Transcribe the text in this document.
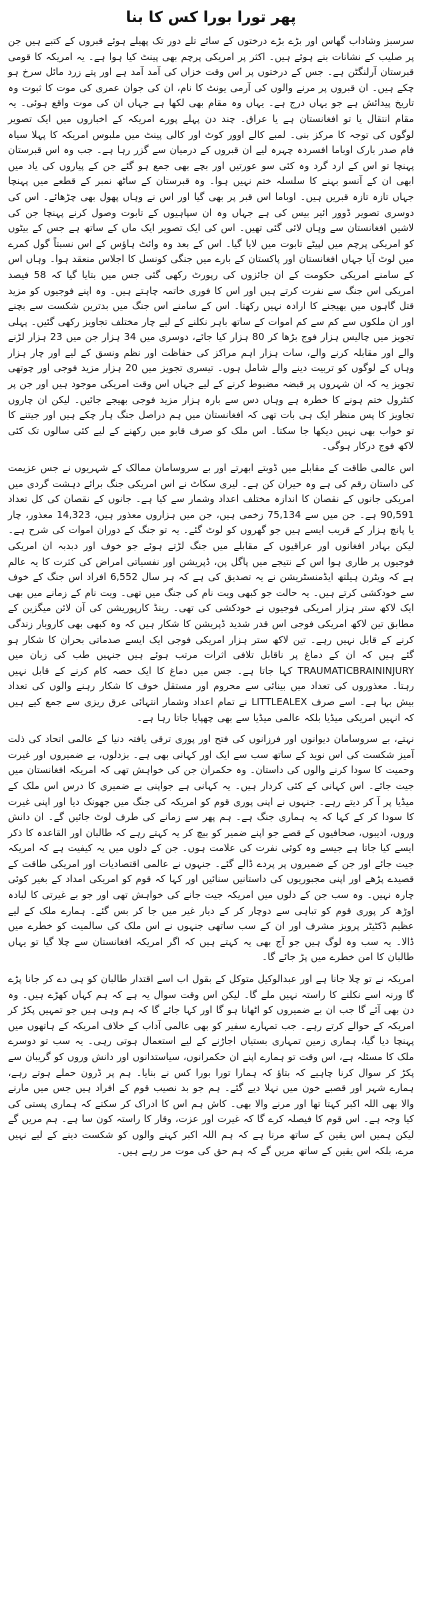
پھر تورا بورا کس کا بنا

سرسبز وشاداب گھاس اور بڑے بڑے درختوں کے سائے تلے دور تک پھیلے ہوئے قبروں کے کتبے ہیں جن پر صلیب کے نشانات بنے ہوئے ہیں۔ اکثر پر امریکی پرچم بھی پینٹ کیا ہوا ہے۔ یہ امریکہ کا قومی قبرستان آرلنگٹن ہے۔ جس کے درختوں پر اس وقت خزاں کی آمد آمد ہے اور پتے زرد مائل سرخ ہو چکے ہیں۔ ان قبروں پر مرنے والوں کی آرمی یونٹ کا نام، ان کی جوان عمری کی موت کا ثبوت وہ تاریخ پیدائش ہے جو یہاں درج ہے۔ یہاں وہ مقام بھی لکھا ہے جہاں ان کی موت واقع ہوئی۔ یہ مقام انتقال یا تو افغانستان ہے یا عراق۔ چند دن پہلے پورے امریکہ کے اخباروں میں ایک تصویر لوگوں کی توجہ کا مرکز بنی۔ لمبے کالے اوور کوٹ اور کالی پینٹ میں ملبوس امریکہ کا پہلا سیاہ فام صدر بارک اوباما افسردہ چہرہ لیے ان قبروں کے درمیان سے گزر رہا ہے۔ جب وہ اس قبرستان پہنچا تو اس کے ارد گرد وہ کئی سو عورتیں اور بچے بھی جمع ہو گئے جن کے پیاروں کی یاد میں ابھی ان کے آنسو بہنے کا سلسلہ ختم نہیں ہوا۔ وہ قبرستان کے ساٹھ نمبر کے قطعے میں پہنچا جہاں تازہ تازہ قبریں ہیں۔ اوباما اس قبر پر بھی گیا اور اس نے وہاں پھول بھی چڑھائے۔ اس کی دوسری تصویر ڈوور ائیر بیس کی ہے جہاں وہ ان سپاہیوں کے تابوت وصول کرنے پہنچا جن کی لاشیں افغانستان سے وہاں لائی گئی تھیں۔ اس کی ایک تصویر ایک ماں کے ساتھ ہے جس کے بیٹوں کو امریکی پرچم میں لپیٹے تابوت میں لایا گیا۔ اس کے بعد وہ وائٹ ہاؤس کے اس نسبتاً گول کمرے میں لوٹ آیا جہاں افغانستان اور پاکستان کے بارے میں جنگی کونسل کا اجلاس منعقد ہوا۔ وہاں اس کے سامنے امریکی حکومت کے ان جائزوں کی رپورٹ رکھی گئی جس میں بتایا گیا کہ 58 فیصد امریکی اس جنگ سے نفرت کرتے ہیں اور اس کا فوری خاتمہ چاہتے ہیں۔ وہ اپنے فوجیوں کو مزید قتل گاہوں میں بھیجنے کا ارادہ نہیں رکھتا۔ اس کے سامنے اس جنگ میں بدترین شکست سے بچنے اور ان ملکوں سے کم سے کم اموات کے ساتھ باہر نکلنے کے لیے چار مختلف تجاویز رکھی گئیں۔ پہلی تجویز میں چالیس ہزار فوج بڑھا کر 80 ہزار کیا جائے، دوسری میں 34 ہزار جن میں 23 ہزار لڑنے والے اور مقابلہ کرنے والے، سات ہزار اہم مراکز کی حفاظت اور نظم ونسق کے لیے اور چار ہزار وہاں کے لوگوں کو تربیت دینے والے شامل ہوں۔ تیسری تجویز میں 20 ہزار مزید فوجی اور چوتھی تجویز یہ کہ ان شہروں پر قبضہ مضبوط کرنے کے لیے جہاں اس وقت امریکی موجود ہیں اور جن پر کنٹرول ختم ہونے کا خطرہ ہے وہاں دس سے بارہ ہزار مزید فوجی بھیجے جائیں۔ لیکن ان چاروں تجاویز کا پس منظر ایک ہی بات تھی کہ افغانستان میں ہم دراصل جنگ ہار چکے ہیں اور جیتنے کا تو خواب بھی نہیں دیکھا جا سکتا۔ اس ملک کو صرف قابو میں رکھنے کے لیے کئی سالوں تک کئی لاکھ فوج درکار ہوگی۔

اس عالمی طاقت کے مقابلے میں ڈوبتے ابھرتے اور بے سروسامان ممالک کے شہریوں نے جس عزیمت کی داستان رقم کی ہے وہ حیران کن ہے۔ لیری سکاٹ نے اس امریکی جنگ برائے دہشت گردی میں امریکی جانوں کے نقصان کا اندازہ مختلف اعداد وشمار سے کیا ہے۔ جانوں کے نقصان کی کل تعداد 90,591 ہے۔ جن میں سے 75,134 زخمی ہیں، جن میں ہزاروں معذور ہیں، 14,323 معذور، چار یا پانچ ہزار کے قریب ایسے ہیں جو گھروں کو لوٹ گئے۔ یہ تو جنگ کے دوران اموات کی شرح ہے۔ لیکن بہادر افغانوں اور عراقیوں کے مقابلے میں جنگ لڑتے ہوئے جو خوف اور دبدبہ ان امریکی فوجیوں پر طاری ہوا اس کے نتیجے میں پاگل پن، ڈپریشن اور نفسیاتی امراض کی کثرت کا یہ عالم ہے کہ ویٹرن ہیلتھ ایڈمنسٹریشن نے یہ تصدیق کی ہے کہ ہر سال 6,552 افراد اس جنگ کے خوف سے خودکشی کرتے ہیں۔ یہ حالت جو کبھی ویت نام کی جنگ میں تھی۔ ویت نام کے زمانے میں بھی ایک لاکھ ستر ہزار امریکی فوجیوں نے خودکشی کی تھی۔ رینڈ کارپوریشن کی آن لائن میگزین کے مطابق تین لاکھ امریکی فوجی اس قدر شدید ڈپریشن کا شکار ہیں کہ وہ کبھی بھی کاروبار زندگی کرنے کے قابل نہیں رہے۔ تین لاکھ ستر ہزار امریکی فوجی ایک ایسے صدماتی بحران کا شکار ہو گئے ہیں کہ ان کے دماغ پر ناقابل تلافی اثرات مرتب ہوئے ہیں جنہیں طب کی زبان میں TRAUMATICBRAININJURY کہا جاتا ہے۔ جس میں دماغ کا ایک حصہ کام کرنے کے قابل نہیں رہتا۔ معذوروں کی تعداد میں بینائی سے محروم اور مستقل خوف کا شکار رہنے والوں کی تعداد بیش بہا ہے۔ اسے صرف LITTLEALEX نے تمام اعداد وشمار انتہائی عرق ریزی سے جمع کیے ہیں کہ انہیں امریکی میڈیا بلکہ عالمی میڈیا سے بھی چھپایا جاتا رہا ہے۔

نہتے، بے سروسامان دیوانوں اور فرزانوں کی فتح اور پوری ترقی یافتہ دنیا کے عالمی اتحاد کی ذلت آمیز شکست کی اس نوید کے ساتھ سب سے ایک اور کہانی بھی ہے۔ بزدلوں، بے ضمیروں اور غیرت وحمیت کا سودا کرنے والوں کی داستان۔ وہ حکمران جن کی خواہش تھی کہ امریکہ افغانستان میں جیت جائے۔ اس کہانی کے کئی کردار ہیں۔ یہ کہانی ہے جواپنی بے ضمیری کا درس اس ملک کے میڈیا پر آ کر دیتے رہے۔ جنہوں نے اپنی پوری قوم کو امریکہ کی جنگ میں جھونک دیا اور اپنی غیرت کا سودا کر کے کہا کہ یہ ہماری جنگ ہے۔ ہم پھر سے زمانے کی طرف لوٹ جائیں گے۔ ان دانش وروں، ادیبوں، صحافیوں کے قصے جو اپنے ضمیر کو بیچ کر یہ کہتے رہے کہ طالبان اور القاعدہ کا ذکر ایسے کیا جاتا ہے جیسے وہ کوئی نفرت کی علامت ہوں۔ جن کے دلوں میں یہ کیفیت ہے کہ امریکہ جیت جائے اور جن کے ضمیروں پر پردے ڈالے گئے۔ جنہوں نے عالمی اقتصادیات اور امریکی طاقت کے قصیدے پڑھے اور اپنی مجبوریوں کی داستانیں سنائیں اور کہا کہ قوم کو امریکی امداد کے بغیر کوئی چارہ نہیں۔ وہ سب جن کے دلوں میں امریکہ جیت جانے کی خواہش تھی اور جو بے غیرتی کا لبادہ اوڑھ کر پوری قوم کو تباہی سے دوچار کر کے دیار غیر میں جا کر بس گئے۔ ہمارے ملک کے لیے عظیم ڈکٹیٹر پرویز مشرف اور ان کے سب ساتھی جنہوں نے اس ملک کی سالمیت کو خطرے میں ڈالا۔ یہ سب وہ لوگ ہیں جو آج بھی یہ کہتے ہیں کہ اگر امریکہ افغانستان سے چلا گیا تو یہاں طالبان کا امن خطرے میں پڑ جائے گا۔

امریکہ نے تو چلا جانا ہے اور عبدالوکیل متوکل کے بقول اب اسے اقتدار طالبان کو ہی دے کر جانا پڑے گا ورنہ اسے نکلنے کا راستہ نہیں ملے گا۔ لیکن اس وقت سوال یہ ہے کہ ہم کہاں کھڑے ہیں۔ وہ دن بھی آئے گا جب ان بے ضمیروں کو اٹھانا ہو گا اور کہا جائے گا کہ ہم وہی ہیں جو تمہیں پکڑ کر امریکہ کے حوالے کرتے رہے۔ جب تمہارے سفیر کو بھی عالمی آداب کے خلاف امریکہ کے ہاتھوں میں پہنچا دیا گیا، ہماری زمین تمہاری بستیاں اجاڑنے کے لیے استعمال ہوتی رہی۔ یہ سب تو دوسرے ملک کا مسئلہ ہے، اس وقت تو ہمارے اپنے ان حکمرانوں، سیاستدانوں اور دانش وروں کو گریبان سے پکڑ کر سوال کرنا چاہیے کہ بتاؤ کہ ہمارا تورا بورا کس نے بنایا۔ ہم پر ڈرون حملے ہوتے رہے، ہمارے شہر اور قصبے خون میں نہلا دیے گئے۔ ہم جو بد نصیب قوم کے افراد ہیں جس میں مارنے والا بھی اللہ اکبر کہتا تھا اور مرنے والا بھی۔ کاش ہم اس کا ادراک کر سکتے کہ ہماری پستی کی کیا وجہ ہے۔ اس قوم کا فیصلہ کرے گا کہ غیرت اور عزت، وقار کا راستہ کون سا ہے۔ ہم مریں گے لیکن ہمیں اس یقین کے ساتھ مرنا ہے کہ ہم اللہ اکبر کہنے والوں کو شکست دینے کے لیے نہیں مرے، بلکہ اس یقین کے ساتھ مریں گے کہ ہم حق کی موت مر رہے ہیں۔
